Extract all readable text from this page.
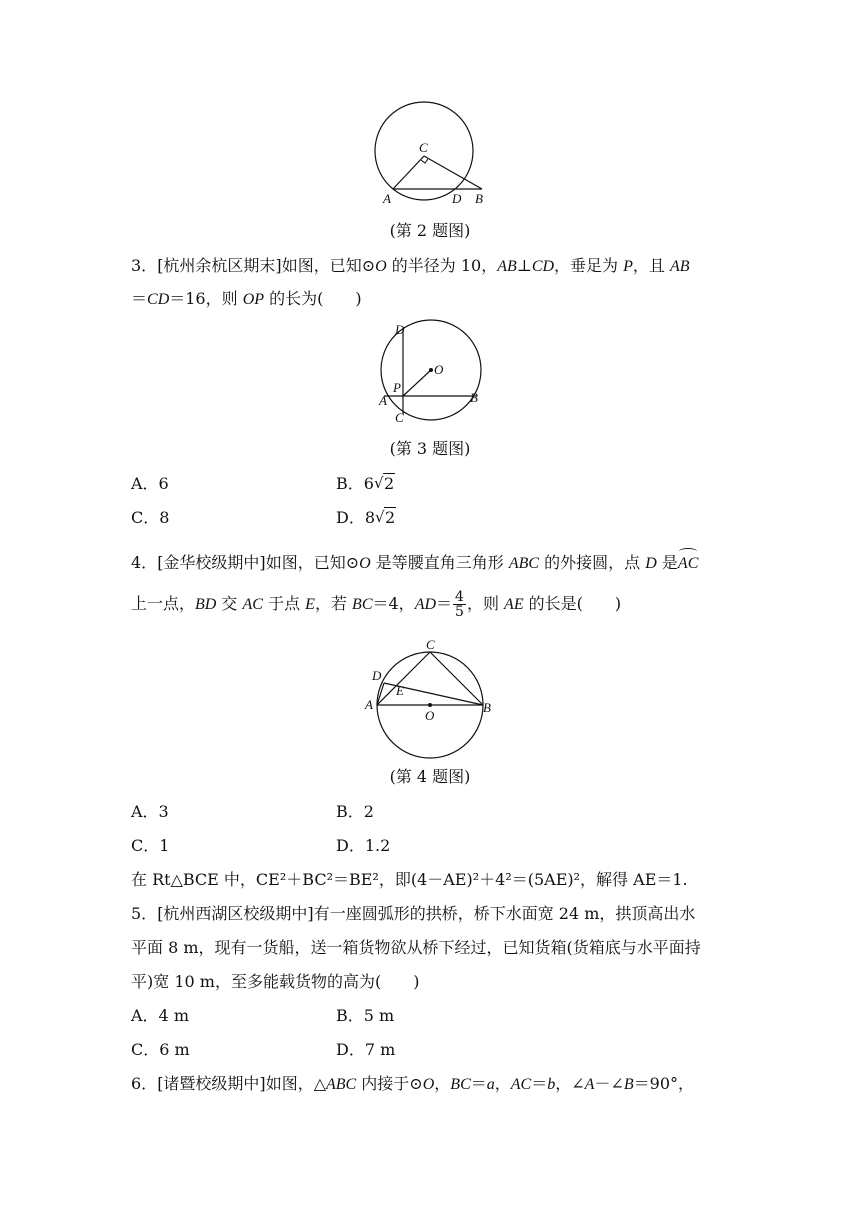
A	B
C
D
(第 2 题图)
3．[杭州余杭区期末]如图，已知⊙O 的半径为 10，AB⊥CD，垂足为 P，且 AB
＝CD＝16，则 OP 的长为(　　)
D
O
P
A	B
C
(第 3 题图)
A．6	B．6 √ 2
C．8	D．8 √ 2
4．[金华校级期中]如图，已知⊙O 是等腰直角三角形 ABC 的外接圆，点 D 是AC
上一点，BD 交 AC 于点 E，若 BC＝4，$AD= \frac{4}{5}$ ，则 AE 的长是(　　)
C
D
E
A
O
B
(第 4 题图)
A．3	B．2
C．1	D．1.2
在 Rt△BCE 中，CE²＋BC²＝BE²，即(4－AE)²＋4²＝(5AE)²，解得 AE＝1.
5．[杭州西湖区校级期中]有一座圆弧形的拱桥，桥下水面宽 24 m，拱顶高出水
平面 8 m，现有一货船，送一箱货物欲从桥下经过，已知货箱(货箱底与水平面持
平)宽 10 m，至多能载货物的高为(　　)
A．4 m	B．5 m
C．6 m	D．7 m
6．[诸暨校级期中]如图，△ABC 内接于⊙O，BC＝a，AC＝b，∠A－∠B＝90°，
